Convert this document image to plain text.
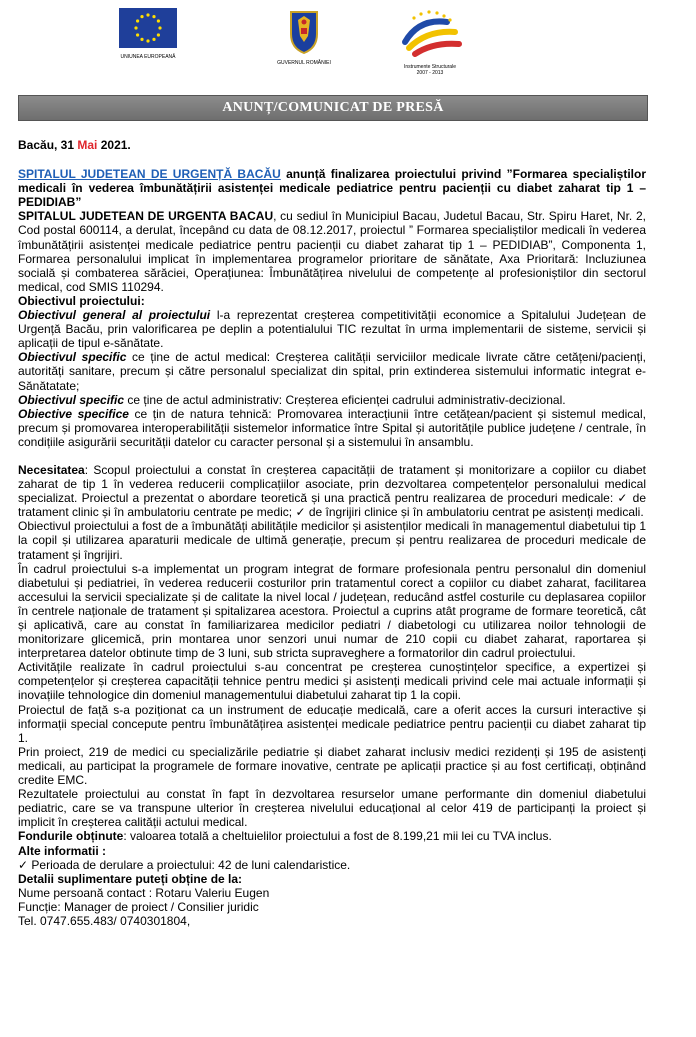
UNIUNEA EUROPEANĂ
GUVERNUL ROMÂNIEI
Instrumente Structurale
2007 - 2013
ANUNȚ/COMUNICAT DE PRESĂ

Bacău, 31 Mai 2021.

SPITALUL JUDETEAN DE URGENȚĂ BACĂU anunță finalizarea proiectului privind ”Formarea specialiștilor medicali în vederea îmbunătățirii asistenței medicale pediatrice pentru pacienții cu diabet zaharat tip 1 – PEDIDIAB”

SPITALUL JUDETEAN DE URGENTA BACAU, cu sediul în Municipiul Bacau, Judetul Bacau, Str. Spiru Haret, Nr. 2, Cod postal 600114, a derulat, începând cu data de 08.12.2017, proiectul ” Formarea specialiștilor medicali în vederea îmbunătățirii asistenței medicale pediatrice pentru pacienții cu diabet zaharat tip 1 – PEDIDIAB”, Componenta 1, Formarea personalului implicat în implementarea programelor prioritare de sănătate, Axa Prioritară: Incluziunea socială și combaterea sărăciei, Operațiunea: Îmbunătățirea nivelului de competențe al profesioniștilor din sectorul medical, cod SMIS 110294.

Obiectivul proiectului:

Obiectivul general al proiectului l-a reprezentat creșterea competitivității economice a Spitalului Județean de Urgență Bacău, prin valorificarea pe deplin a potentialului TIC rezultat în urma implementarii de sisteme, servicii și aplicații de tipul e-sănătate.

Obiectivul specific ce ține de actul medical: Creșterea calității serviciilor medicale livrate către cetățeni/pacienți, autorități sanitare, precum și către personalul specializat din spital, prin extinderea sistemului informatic integrat e-Sănătatate;

Obiectivul specific ce ține de actul administrativ: Creșterea eficienței cadrului administrativ-decizional.

Obiective specifice ce țin de natura tehnică: Promovarea interacțiunii între cetățean/pacient și sistemul medical, precum și promovarea interoperabilității sistemelor informatice între Spital și autoritățile publice județene / centrale, în condițiile asigurării securității datelor cu caracter personal și a sistemului în ansamblu.

Necesitatea: Scopul proiectului a constat în creșterea capacității de tratament și monitorizare a copiilor cu diabet zaharat de tip 1 în vederea reducerii complicațiilor asociate, prin dezvoltarea competențelor personalului medical specializat. Proiectul a prezentat o abordare teoretică și una practică pentru realizarea de proceduri medicale: ✓ de tratament clinic și în ambulatoriu centrate pe medic; ✓ de îngrijiri clinice și în ambulatoriu centrat pe asistenți medicali.

Obiectivul proiectului a fost de a îmbunătăți abilitățile medicilor și asistenților medicali în managementul diabetului tip 1 la copil și utilizarea aparaturii medicale de ultimă generație, precum și pentru realizarea de proceduri medicale de tratament și îngrijiri.

În cadrul proiectului s-a implementat un program integrat de formare profesionala pentru personalul din domeniul diabetului și pediatriei, în vederea reducerii costurilor prin tratamentul corect a copiilor cu diabet zaharat, facilitarea accesului la servicii specializate și de calitate la nivel local / județean, reducând astfel costurile cu deplasarea copiilor în centrele naționale de tratament și spitalizarea acestora. Proiectul a cuprins atât programe de formare teoretică, cât și aplicativă, care au constat în familiarizarea medicilor pediatri / diabetologi cu utilizarea noilor tehnologii de monitorizare glicemică, prin montarea unor senzori unui numar de 210 copii cu diabet zaharat, raportarea și interpretarea datelor obtinute timp de 3 luni, sub stricta supraveghere a formatorilor din cadrul proiectului.

Activitățile realizate în cadrul proiectului s-au concentrat pe creșterea cunoștințelor specifice, a expertizei și competențelor și creșterea capacității tehnice pentru medici și asistenți medicali privind cele mai actuale informații și inovațiile tehnologice din domeniul managementului diabetului zaharat tip 1 la copii.

Proiectul de față s-a poziționat ca un instrument de educație medicală, care a oferit acces la cursuri interactive și informații special concepute pentru îmbunătățirea asistenței medicale pediatrice pentru pacienții cu diabet zaharat tip 1.

Prin proiect, 219 de medici cu specializările pediatrie și diabet zaharat inclusiv medici rezidenți și 195 de asistenți medicali, au participat la programele de formare inovative, centrate pe aplicații practice și au fost certificați, obținând credite EMC.

Rezultatele proiectului au constat în fapt în dezvoltarea resurselor umane performante din domeniul diabetului pediatric, care se va transpune ulterior în creșterea nivelului educațional al celor 419 de participanți la proiect și implicit în creșterea calității actului medical.

Fondurile obținute: valoarea totală a cheltuielilor proiectului a fost de 8.199,21 mii lei cu TVA inclus.

Alte informatii :

✓ Perioada de derulare a proiectului: 42 de luni calendaristice.

Detalii suplimentare puteți obține de la:

Nume persoană contact : Rotaru Valeriu Eugen

Funcție: Manager de proiect / Consilier juridic

Tel. 0747.655.483/ 0740301804,
